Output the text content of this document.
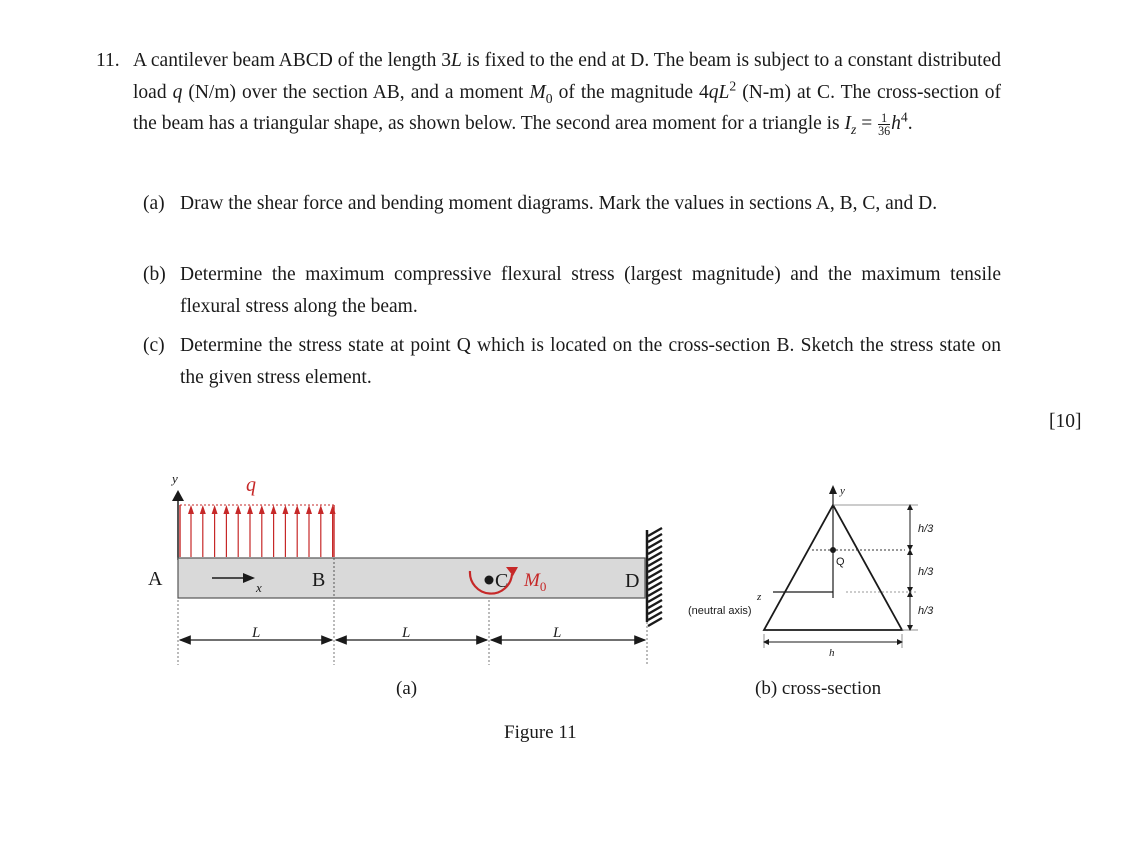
11. A cantilever beam ABCD of the length 3L is fixed to the end at D. The beam is subject to a constant distributed load q (N/m) over the section AB, and a moment $M_0$ of the magnitude $4qL^2$ (N-m) at C. The cross-section of the beam has a triangular shape, as shown below. The second area moment for a triangle is $I_z = \frac{1}{36} h^4$.
(a) Draw the shear force and bending moment diagrams. Mark the values in sections A, B, C, and D.
(b) Determine the maximum compressive flexural stress (largest magnitude) and the maximum tensile flexural stress along the beam.
(c) Determine the stress state at point Q which is located on the cross-section B. Sketch the stress state on the given stress element.
[10]
y	q
x
A	B	C $M_0$	D
L	L	L
y
z
(neutral axis)
Q
h/3
h/3
h/3
h
(a)	(b) cross-section
Figure 11
